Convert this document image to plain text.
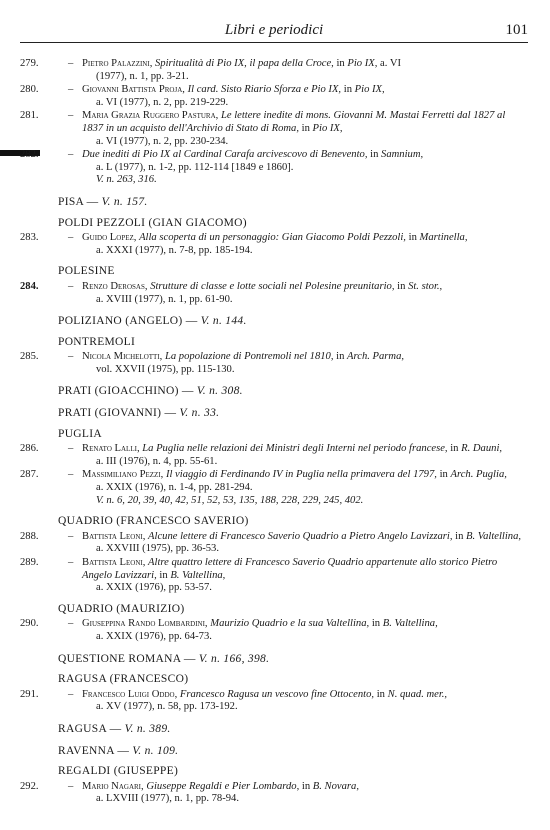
Libri e periodici	101
279.	– Pietro Palazzini, Spiritualità di Pio IX, il papa della Croce, in Pio IX, a. VI
(1977), n. 1, pp. 3-21.
280.	– Giovanni Battista Proja, Il card. Sisto Riario Sforza e Pio IX, in Pio IX,
a. VI (1977), n. 2, pp. 219-229.
281.	– Maria Grazia Ruggero Pastura, Le lettere inedite di mons. Giovanni M. Mastai Ferretti dal 1827 al 1837 in un acquisto dell'Archivio di Stato di Roma, in Pio IX,
a. VI (1977), n. 2, pp. 230-234.
282.	– Due inediti di Pio IX al Cardinal Carafa arcivescovo di Benevento, in Samnium,
a. L (1977), n. 1-2, pp. 112-114 [1849 e 1860].
V. n. 263, 316.
PISA — V. n. 157.
POLDI PEZZOLI (GIAN GIACOMO)
283.	– Guido Lopez, Alla scoperta di un personaggio: Gian Giacomo Poldi Pezzoli, in Martinella,
a. XXXI (1977), n. 7-8, pp. 185-194.
POLESINE
284.	– Renzo Derosas, Strutture di classe e lotte sociali nel Polesine preunitario, in St. stor.,
a. XVIII (1977), n. 1, pp. 61-90.
POLIZIANO (ANGELO) — V. n. 144.
PONTREMOLI
285.	– Nicola Michelotti, La popolazione di Pontremoli nel 1810, in Arch. Parma,
vol. XXVII (1975), pp. 115-130.
PRATI (GIOACCHINO) — V. n. 308.
PRATI (GIOVANNI) — V. n. 33.
PUGLIA
286.	– Renato Lalli, La Puglia nelle relazioni dei Ministri degli Interni nel periodo francese, in R. Dauni,
a. III (1976), n. 4, pp. 55-61.
287.	– Massimiliano Pezzi, Il viaggio di Ferdinando IV in Puglia nella primavera del 1797, in Arch. Puglia,
a. XXIX (1976), n. 1-4, pp. 281-294.
V. n. 6, 20, 39, 40, 42, 51, 52, 53, 135, 188, 228, 229, 245, 402.
QUADRIO (FRANCESCO SAVERIO)
288.	– Battista Leoni, Alcune lettere di Francesco Saverio Quadrio a Pietro Angelo Lavizzari, in B. Valtellina,
a. XXVIII (1975), pp. 36-53.
289.	– Battista Leoni, Altre quattro lettere di Francesco Saverio Quadrio appartenute allo storico Pietro Angelo Lavizzari, in B. Valtellina,
a. XXIX (1976), pp. 53-57.
QUADRIO (MAURIZIO)
290.	– Giuseppina Rando Lombardini, Maurizio Quadrio e la sua Valtellina, in B. Valtellina,
a. XXIX (1976), pp. 64-73.
QUESTIONE ROMANA — V. n. 166, 398.
RAGUSA (FRANCESCO)
291.	– Francesco Luigi Oddo, Francesco Ragusa un vescovo fine Ottocento, in N. quad. mer.,
a. XV (1977), n. 58, pp. 173-192.
RAGUSA — V. n. 389.
RAVENNA — V. n. 109.
REGALDI (GIUSEPPE)
292.	– Mario Nagari, Giuseppe Regaldi e Pier Lombardo, in B. Novara,
a. LXVIII (1977), n. 1, pp. 78-94.
